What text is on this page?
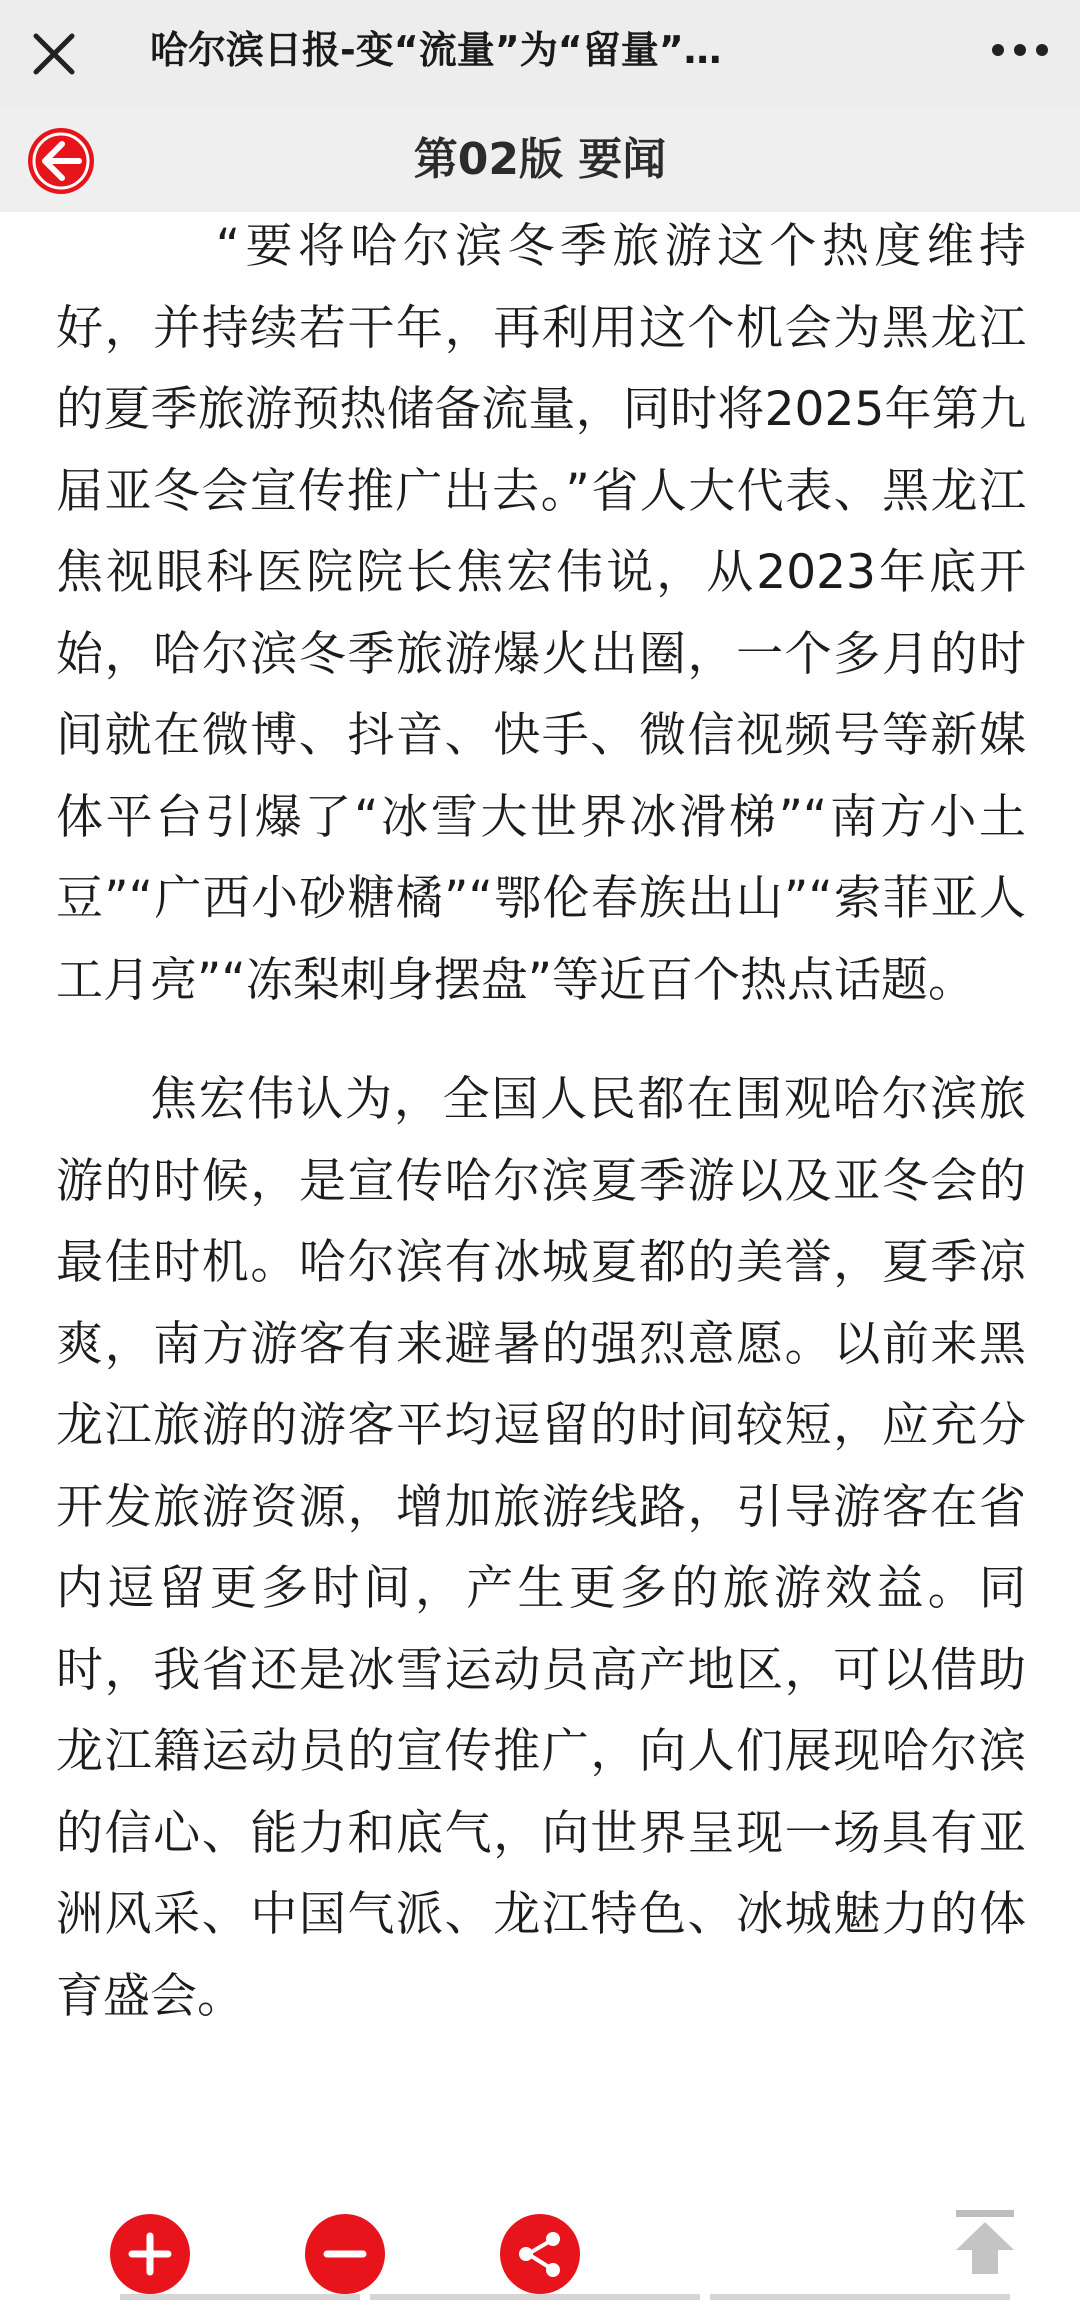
哈尔滨日报-变“流量”为“留量”…
第02版 要闻

“要将哈尔滨冬季旅游这个热度维持好，并持续若干年，再利用这个机会为黑龙江的夏季旅游预热储备流量，同时将2025年第九届亚冬会宣传推广出去。”省人大代表、黑龙江焦视眼科医院院长焦宏伟说，从2023年底开始，哈尔滨冬季旅游爆火出圈，一个多月的时间就在微博、抖音、快手、微信视频号等新媒体平台引爆了“冰雪大世界冰滑梯”“南方小土豆”“广西小砂糖橘”“鄂伦春族出山”“索菲亚人工月亮”“冻梨刺身摆盘”等近百个热点话题。

焦宏伟认为，全国人民都在围观哈尔滨旅游的时候，是宣传哈尔滨夏季游以及亚冬会的最佳时机。哈尔滨有冰城夏都的美誉，夏季凉爽，南方游客有来避暑的强烈意愿。以前来黑龙江旅游的游客平均逗留的时间较短，应充分开发旅游资源，增加旅游线路，引导游客在省内逗留更多时间，产生更多的旅游效益。同时，我省还是冰雪运动员高产地区，可以借助龙江籍运动员的宣传推广，向人们展现哈尔滨的信心、能力和底气，向世界呈现一场具有亚洲风采、中国气派、龙江特色、冰城魅力的体育盛会。
